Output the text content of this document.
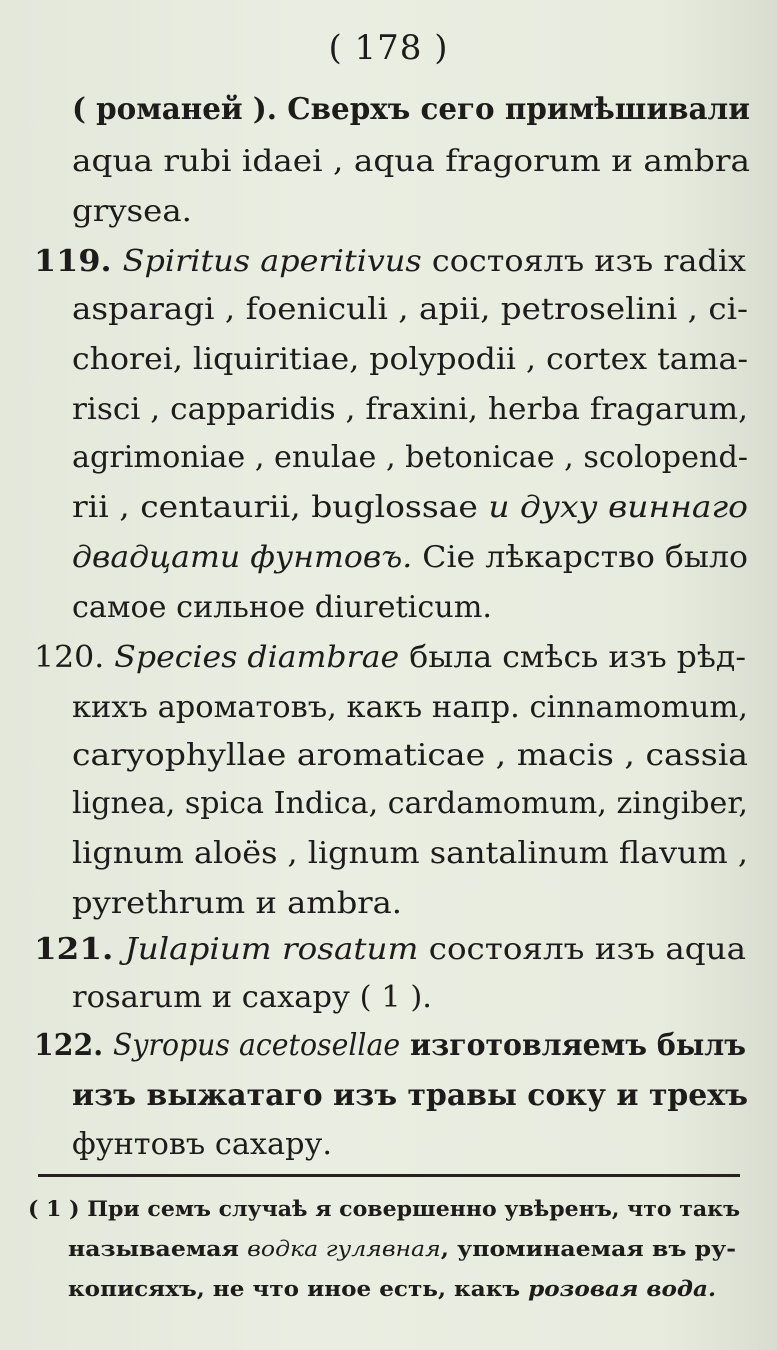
( 178 )
( романей ). Сверхъ сего примѣшивали
aqua rubi idaei , aqua fragorum и ambra
grysea.
119. Spiritus aperitivus состоялъ изъ radix
asparagi , foeniculi , apii, petroselini , ci-
chorei, liquiritiae, polypodii , cortex tama-
risci , capparidis , fraxini, herba fragarum,
agrimoniae , enulae , betonicae , scolopend-
rii , centaurii, buglossae и духу виннаго
двадцати фунтовъ. Сіе лѣкарство было
самое сильное diureticum.
120. Species diambrae была смѣсь изъ рѣд-
кихъ ароматовъ, какъ напр. cinnamomum,
caryophyllae aromaticae , macis , cassia
lignea, spica Indica, cardamomum, zingiber,
lignum aloës , lignum santalinum flavum ,
pyrethrum и ambra.
121. Julapium rosatum состоялъ изъ aqua
rosarum и сахару ( 1 ).
122. Syropus acetosellae изготовляемъ былъ
изъ выжатаго изъ травы соку и трехъ
фунтовъ сахару.
( 1 ) При семъ случаѣ я совершенно увѣренъ, что такъ
называемая водка гулявная, упоминаемая въ ру-
кописяхъ, не что иное есть, какъ розовая водa.
